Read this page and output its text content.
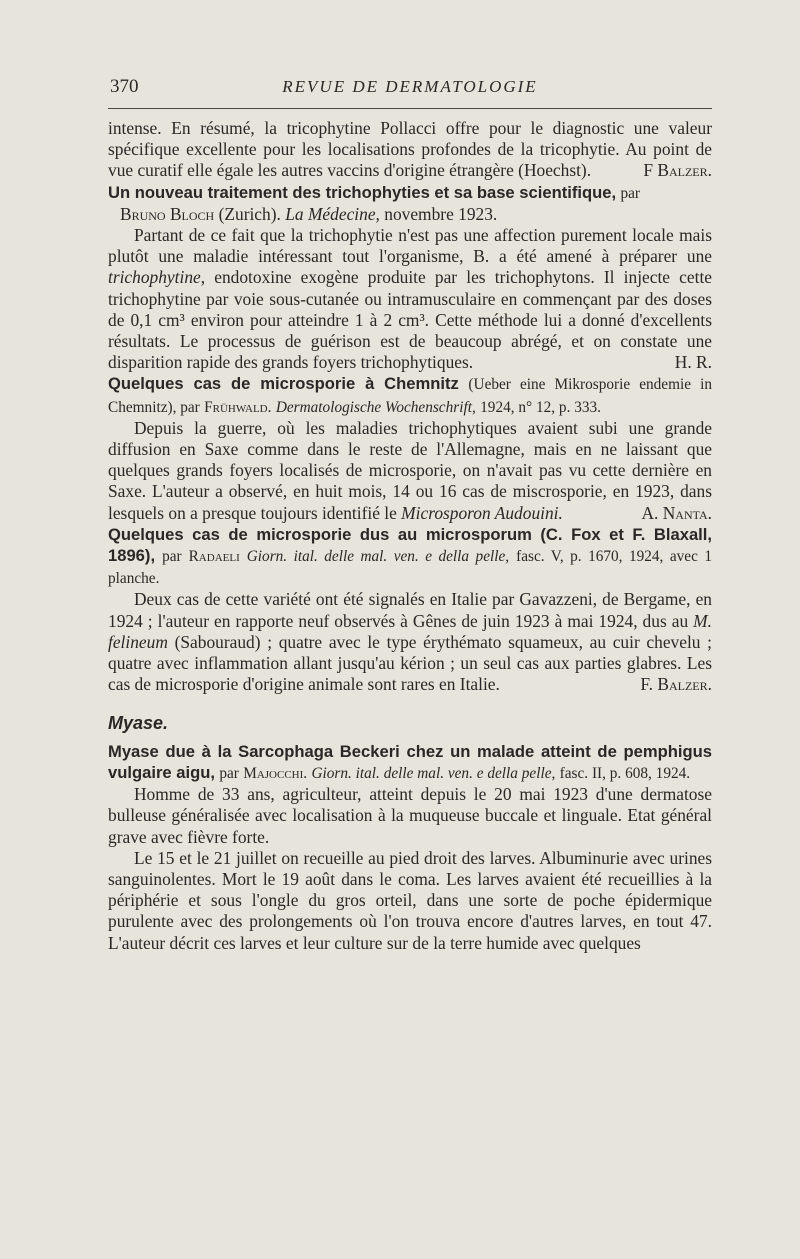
370	REVUE DE DERMATOLOGIE

intense. En résumé, la tricophytine Pollacci offre pour le diagnostic une valeur spécifique excellente pour les localisations profondes de la tricophytie. Au point de vue curatif elle égale les autres vaccins d'origine étrangère (Hoechst).	F Balzer.

Un nouveau traitement des trichophyties et sa base scientifique, par
Bruno Bloch (Zurich). La Médecine, novembre 1923.

Partant de ce fait que la trichophytie n'est pas une affection purement locale mais plutôt une maladie intéressant tout l'organisme, B. a été amené à préparer une trichophytine, endotoxine exogène produite par les trichophytons. Il injecte cette trichophytine par voie sous-cutanée ou intramusculaire en commençant par des doses de 0,1 cm³ environ pour atteindre 1 à 2 cm³. Cette méthode lui a donné d'excellents résultats. Le processus de guérison est de beaucoup abrégé, et on constate une disparition rapide des grands foyers trichophytiques.	H. R.

Quelques cas de microsporie à Chemnitz (Ueber eine Mikrosporie endemie in Chemnitz), par Frühwald. Dermatologische Wochenschrift, 1924, n° 12, p. 333.

Depuis la guerre, où les maladies trichophytiques avaient subi une grande diffusion en Saxe comme dans le reste de l'Allemagne, mais en ne laissant que quelques grands foyers localisés de microsporie, on n'avait pas vu cette dernière en Saxe. L'auteur a observé, en huit mois, 14 ou 16 cas de miscrosporie, en 1923, dans lesquels on a presque toujours identifié le Microsporon Audouini.	A. Nanta.

Quelques cas de microsporie dus au microsporum (C. Fox et F. Blaxall, 1896), par Radaeli Giorn. ital. delle mal. ven. e della pelle, fasc. V, p. 1670, 1924, avec 1 planche.

Deux cas de cette variété ont été signalés en Italie par Gavazzeni, de Bergame, en 1924 ; l'auteur en rapporte neuf observés à Gênes de juin 1923 à mai 1924, dus au M. felineum (Sabouraud) ; quatre avec le type érythémato squameux, au cuir chevelu ; quatre avec inflammation allant jusqu'au kérion ; un seul cas aux parties glabres. Les cas de microsporie d'origine animale sont rares en Italie.	F. Balzer.

Myase.

Myase due à la Sarcophaga Beckeri chez un malade atteint de pemphigus vulgaire aigu, par Majocchi. Giorn. ital. delle mal. ven. e della pelle, fasc. II, p. 608, 1924.

Homme de 33 ans, agriculteur, atteint depuis le 20 mai 1923 d'une dermatose bulleuse généralisée avec localisation à la muqueuse buccale et linguale. Etat général grave avec fièvre forte.

Le 15 et le 21 juillet on recueille au pied droit des larves. Albuminurie avec urines sanguinolentes. Mort le 19 août dans le coma. Les larves avaient été recueillies à la périphérie et sous l'ongle du gros orteil, dans une sorte de poche épidermique purulente avec des prolongements où l'on trouva encore d'autres larves, en tout 47. L'auteur décrit ces larves et leur culture sur de la terre humide avec quelques
